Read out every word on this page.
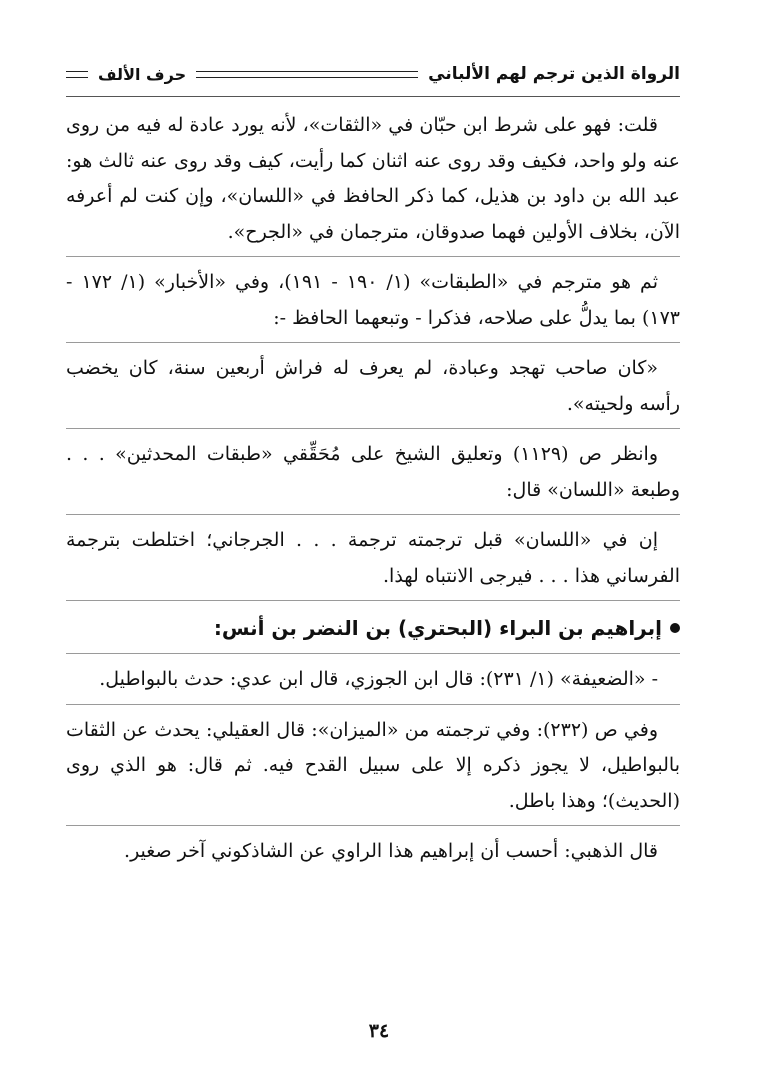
الرواة الذين ترجم لهم الألباني
حرف الألف

قلت: فهو على شرط ابن حبّان في «الثقات»، لأنه يورد عادة له فيه من روى عنه ولو واحد، فكيف وقد روى عنه اثنان كما رأيت، كيف وقد روى عنه ثالث هو: عبد الله بن داود بن هذيل، كما ذكر الحافظ في «اللسان»، وإن كنت لم أعرفه الآن، بخلاف الأولين فهما صدوقان، مترجمان في «الجرح».

ثم هو مترجم في «الطبقات» (١/ ١٩٠ - ١٩١)، وفي «الأخبار» (١/ ١٧٢ - ١٧٣) بما يدلُّ على صلاحه، فذكرا - وتبعهما الحافظ -:

«كان صاحب تهجد وعبادة، لم يعرف له فراش أربعين سنة، كان يخضب رأسه ولحيته».

وانظر ص (١١٢٩) وتعليق الشيخ على مُحَقِّقي «طبقات المحدثين» . . . وطبعة «اللسان» قال:

إن في «اللسان» قبل ترجمته ترجمة . . . الجرجاني؛ اختلطت بترجمة الفرساني هذا . . . فيرجى الانتباه لهذا.

إبراهيم بن البراء (البحتري) بن النضر بن أنس:

- «الضعيفة» (١/ ٢٣١): قال ابن الجوزي، قال ابن عدي: حدث بالبواطيل.

وفي ص (٢٣٢): وفي ترجمته من «الميزان»: قال العقيلي: يحدث عن الثقات بالبواطيل، لا يجوز ذكره إلا على سبيل القدح فيه. ثم قال: هو الذي روى (الحديث)؛ وهذا باطل.

قال الذهبي: أحسب أن إبراهيم هذا الراوي عن الشاذكوني آخر صغير.

٣٤
